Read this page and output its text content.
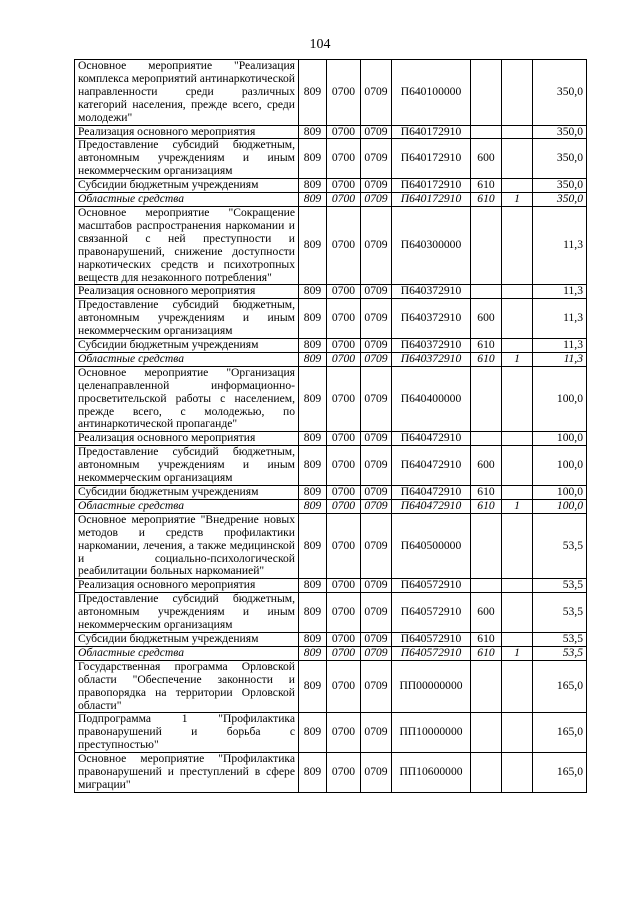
104
Основное мероприятие "Реализация комплекса мероприятий антинаркотической направленности среди различных категорий населения, прежде всего, среди молодежи"	809	0700	0709	П640100000			350,0
Реализация основного мероприятия	809	0700	0709	П640172910			350,0
Предоставление субсидий бюджетным, автономным учреждениям и иным некоммерческим организациям	809	0700	0709	П640172910	600		350,0
Субсидии бюджетным учреждениям	809	0700	0709	П640172910	610		350,0
Областные средства	809	0700	0709	П640172910	610	1	350,0
Основное мероприятие "Сокращение масштабов распространения наркомании и связанной с ней преступности и правонарушений, снижение доступности наркотических средств и психотропных веществ для незаконного потребления"	809	0700	0709	П640300000			11,3
Реализация основного мероприятия	809	0700	0709	П640372910			11,3
Предоставление субсидий бюджетным, автономным учреждениям и иным некоммерческим организациям	809	0700	0709	П640372910	600		11,3
Субсидии бюджетным учреждениям	809	0700	0709	П640372910	610		11,3
Областные средства	809	0700	0709	П640372910	610	1	11,3
Основное мероприятие "Организация целенаправленной информационно-просветительской работы с населением, прежде всего, с молодежью, по антинаркотической пропаганде"	809	0700	0709	П640400000			100,0
Реализация основного мероприятия	809	0700	0709	П640472910			100,0
Предоставление субсидий бюджетным, автономным учреждениям и иным некоммерческим организациям	809	0700	0709	П640472910	600		100,0
Субсидии бюджетным учреждениям	809	0700	0709	П640472910	610		100,0
Областные средства	809	0700	0709	П640472910	610	1	100,0
Основное мероприятие "Внедрение новых методов и средств профилактики наркомании, лечения, а также медицинской и социально-психологической реабилитации больных наркоманией"	809	0700	0709	П640500000			53,5
Реализация основного мероприятия	809	0700	0709	П640572910			53,5
Предоставление субсидий бюджетным, автономным учреждениям и иным некоммерческим организациям	809	0700	0709	П640572910	600		53,5
Субсидии бюджетным учреждениям	809	0700	0709	П640572910	610		53,5
Областные средства	809	0700	0709	П640572910	610	1	53,5
Государственная программа Орловской области "Обеспечение законности и правопорядка на территории Орловской области"	809	0700	0709	ПП00000000			165,0
Подпрограмма 1 "Профилактика правонарушений и борьба с преступностью"	809	0700	0709	ПП10000000			165,0
Основное мероприятие "Профилактика правонарушений и преступлений в сфере миграции"	809	0700	0709	ПП10600000			165,0
